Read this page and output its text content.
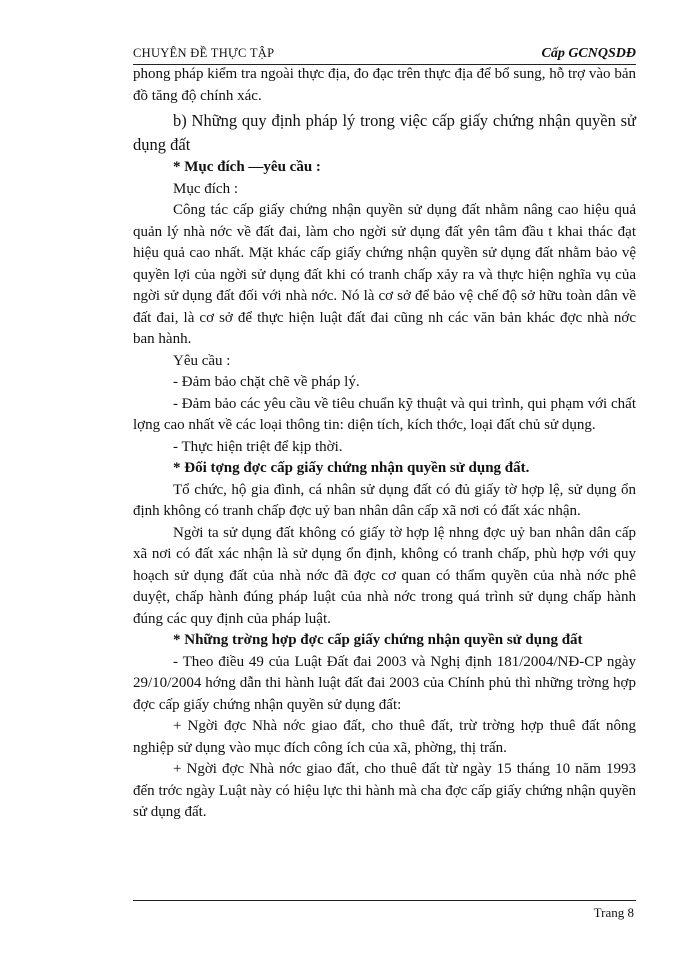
CHUYÊN ĐỀ THỰC TẬP	Cấp GCNQSDĐ

phong pháp kiểm tra ngoài thực địa, đo đạc trên thực địa để bổ sung, hỗ trợ vào bản đồ tăng độ chính xác.

b) Những quy định pháp lý trong việc cấp giấy chứng nhận quyền sử dụng đất

* Mục đích —yêu cầu :

Mục đích :

Công tác cấp giấy chứng nhận quyền sử dụng đất nhằm nâng cao hiệu quả quản lý nhà nớc về đất đai, làm cho ngời sử dụng đất yên tâm đầu t khai thác đạt hiệu quả cao nhất. Mặt khác cấp giấy chứng nhận quyền sử dụng đất nhằm bảo vệ quyền lợi của ngời sử dụng đất khi có tranh chấp xảy ra và thực hiện nghĩa vụ của ngời sử dụng đất đối với nhà nớc. Nó là cơ sở để bảo vệ chế độ sở hữu toàn dân về đất đai, là cơ sở để thực hiện luật đất đai cũng nh các văn bản khác đợc nhà nớc ban hành.

Yêu cầu :

- Đảm bảo chặt chẽ về pháp lý.

- Đảm bảo các yêu cầu về tiêu chuẩn kỹ thuật và qui trình, qui phạm với chất lợng cao nhất về các loại thông tin: diện tích, kích thớc, loại đất chủ sử dụng.

- Thực hiện triệt để kịp thời.

* Đối tợng đợc cấp giấy chứng nhận quyền sử dụng đất.

Tổ chức, hộ gia đình, cá nhân sử dụng đất có đủ giấy tờ hợp lệ, sử dụng ổn định không có tranh chấp đợc uỷ ban nhân dân cấp xã nơi có đất xác nhận.

Ngời ta sử dụng đất không có giấy tờ hợp lệ nhng đợc uỷ ban nhân dân cấp xã nơi có đất xác nhận là sử dụng ổn định, không có tranh chấp, phù hợp với quy hoạch sử dụng đất của nhà nớc đã đợc cơ quan có thẩm quyền của nhà nớc phê duyệt, chấp hành đúng pháp luật của nhà nớc trong quá trình sử dụng chấp hành đúng các quy định của pháp luật.

* Những trờng hợp đợc cấp giấy chứng nhận quyền sử dụng đất

- Theo điều 49 của Luật Đất đai 2003 và Nghị định 181/2004/NĐ-CP ngày 29/10/2004 hớng dẫn thi hành luật đất đai 2003 của Chính phủ thì những trờng hợp đợc cấp giấy chứng nhận quyền sử dụng đất:

+ Ngời đợc Nhà nớc giao đất, cho thuê đất, trừ trờng hợp thuê đất nông nghiệp sử dụng vào mục đích công ích của xã, phờng, thị trấn.

+ Ngời đợc Nhà nớc giao đất, cho thuê đất từ ngày 15 tháng 10 năm 1993 đến trớc ngày Luật này có hiệu lực thi hành mà cha đợc cấp giấy chứng nhận quyền sử dụng đất.

Trang 8
